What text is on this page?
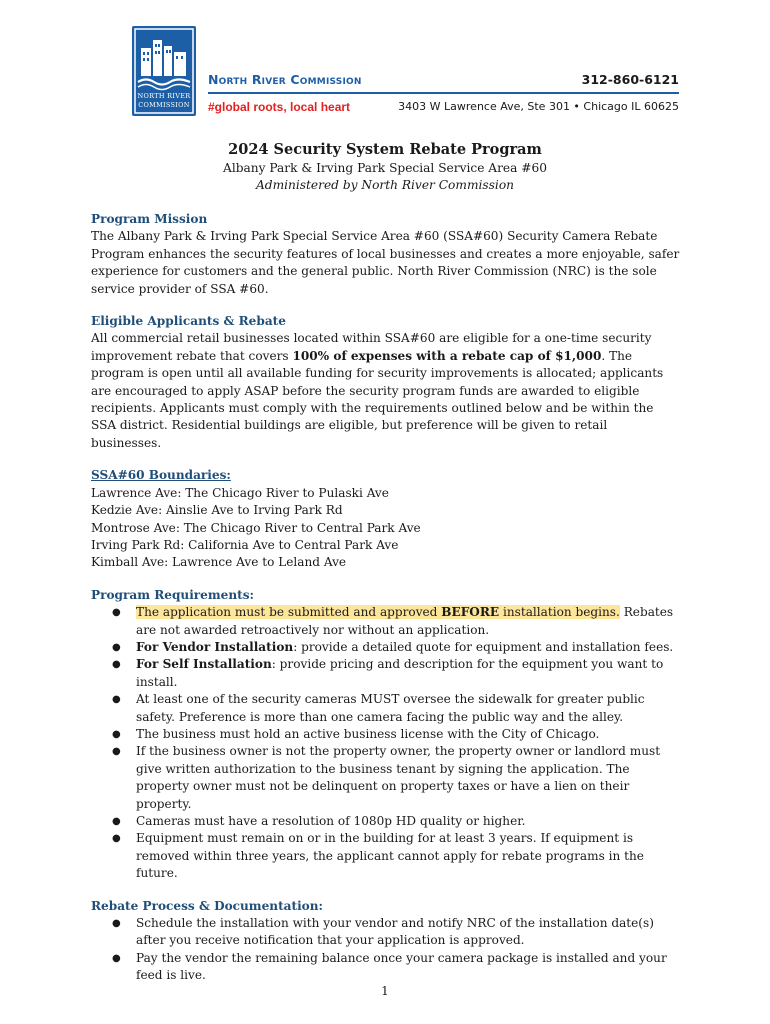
NORTH RIVER
COMMISSION
North River Commission	312-860-6121
#global roots, local heart	3403 W Lawrence Ave, Ste 301 • Chicago IL 60625
2024 Security System Rebate Program
Albany Park & Irving Park Special Service Area #60
Administered by North River Commission

Program Mission

The Albany Park & Irving Park Special Service Area #60 (SSA#60) Security Camera Rebate Program enhances the security features of local businesses and creates a more enjoyable, safer experience for customers and the general public. North River Commission (NRC) is the sole service provider of SSA #60.

Eligible Applicants & Rebate

All commercial retail businesses located within SSA#60 are eligible for a one-time security improvement rebate that covers 100% of expenses with a rebate cap of $1,000. The program is open until all available funding for security improvements is allocated; applicants are encouraged to apply ASAP before the security program funds are awarded to eligible recipients. Applicants must comply with the requirements outlined below and be within the SSA district. Residential buildings are eligible, but preference will be given to retail businesses.

SSA#60 Boundaries:

Lawrence Ave: The Chicago River to Pulaski Ave
Kedzie Ave: Ainslie Ave to Irving Park Rd
Montrose Ave: The Chicago River to Central Park Ave
Irving Park Rd: California Ave to Central Park Ave
Kimball Ave: Lawrence Ave to Leland Ave

Program Requirements:

● The application must be submitted and approved BEFORE installation begins. Rebates are not awarded retroactively nor without an application.
● For Vendor Installation: provide a detailed quote for equipment and installation fees.
● For Self Installation: provide pricing and description for the equipment you want to install.
● At least one of the security cameras MUST oversee the sidewalk for greater public safety. Preference is more than one camera facing the public way and the alley.
● The business must hold an active business license with the City of Chicago.
● If the business owner is not the property owner, the property owner or landlord must give written authorization to the business tenant by signing the application. The property owner must not be delinquent on property taxes or have a lien on their property.
● Cameras must have a resolution of 1080p HD quality or higher.
● Equipment must remain on or in the building for at least 3 years. If equipment is removed within three years, the applicant cannot apply for rebate programs in the future.

Rebate Process & Documentation:

● Schedule the installation with your vendor and notify NRC of the installation date(s) after you receive notification that your application is approved.
● Pay the vendor the remaining balance once your camera package is installed and your feed is live.
1
